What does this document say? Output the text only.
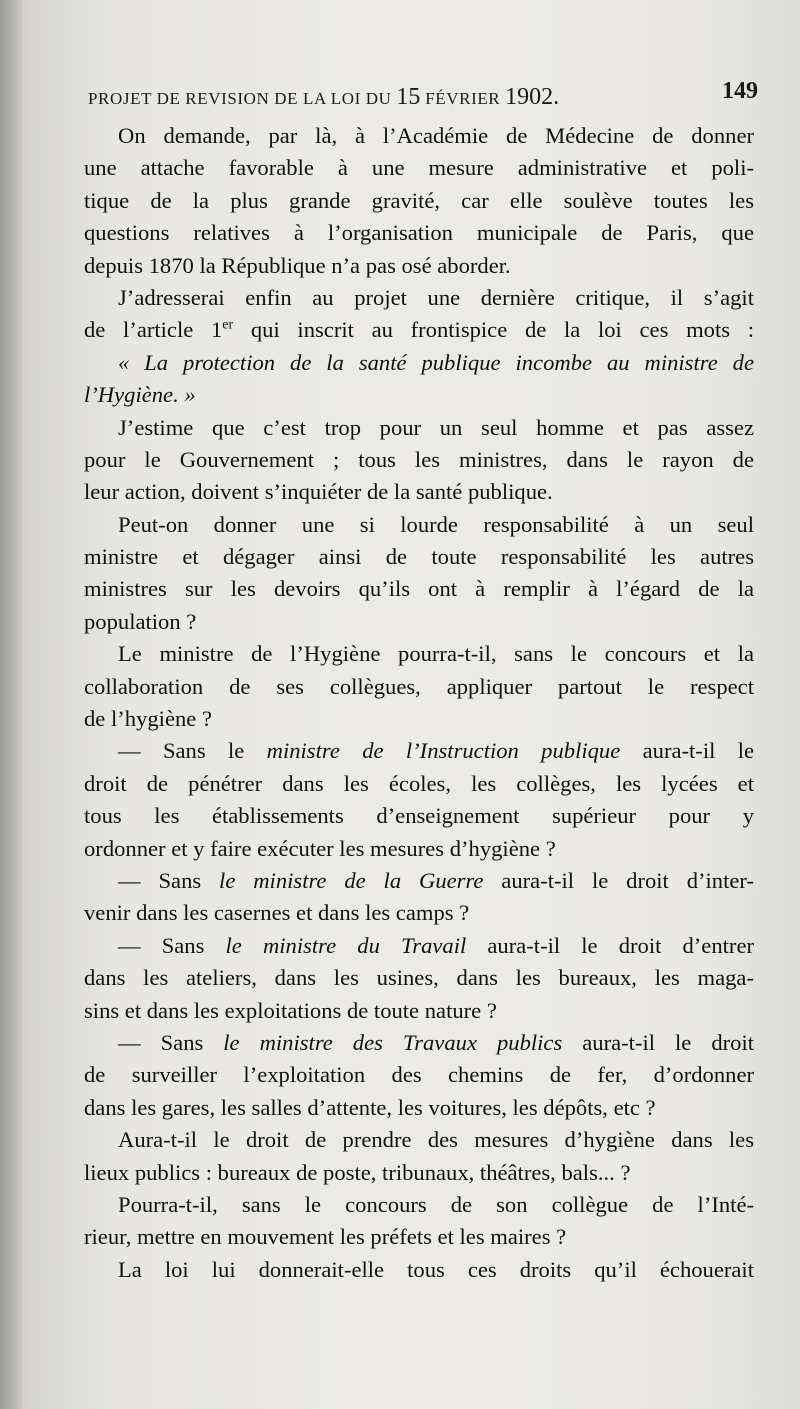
PROJET DE REVISION DE LA LOI DU 15 FÉVRIER 1902.	149
On demande, par là, à l’Académie de Médecine de donner
une attache favorable à une mesure administrative et poli-
tique de la plus grande gravité, car elle soulève toutes les
questions relatives à l’organisation municipale de Paris, que
depuis 1870 la République n’a pas osé aborder.
J’adresserai enfin au projet une dernière critique, il s’agit
de l’article 1er qui inscrit au frontispice de la loi ces mots :
« La protection de la santé publique incombe au ministre de
l’Hygiène. »
J’estime que c’est trop pour un seul homme et pas assez
pour le Gouvernement ; tous les ministres, dans le rayon de
leur action, doivent s’inquiéter de la santé publique.
Peut-on donner une si lourde responsabilité à un seul
ministre et dégager ainsi de toute responsabilité les autres
ministres sur les devoirs qu’ils ont à remplir à l’égard de la
population ?
Le ministre de l’Hygiène pourra-t-il, sans le concours et la
collaboration de ses collègues, appliquer partout le respect
de l’hygiène ?
— Sans le ministre de l’Instruction publique aura-t-il le
droit de pénétrer dans les écoles, les collèges, les lycées et
tous les établissements d’enseignement supérieur pour y
ordonner et y faire exécuter les mesures d’hygiène ?
— Sans le ministre de la Guerre aura-t-il le droit d’inter-
venir dans les casernes et dans les camps ?
— Sans le ministre du Travail aura-t-il le droit d’entrer
dans les ateliers, dans les usines, dans les bureaux, les maga-
sins et dans les exploitations de toute nature ?
— Sans le ministre des Travaux publics aura-t-il le droit
de surveiller l’exploitation des chemins de fer, d’ordonner
dans les gares, les salles d’attente, les voitures, les dépôts, etc ?
Aura-t-il le droit de prendre des mesures d’hygiène dans les
lieux publics : bureaux de poste, tribunaux, théâtres, bals... ?
Pourra-t-il, sans le concours de son collègue de l’Inté-
rieur, mettre en mouvement les préfets et les maires ?
La loi lui donnerait-elle tous ces droits qu’il échouerait
